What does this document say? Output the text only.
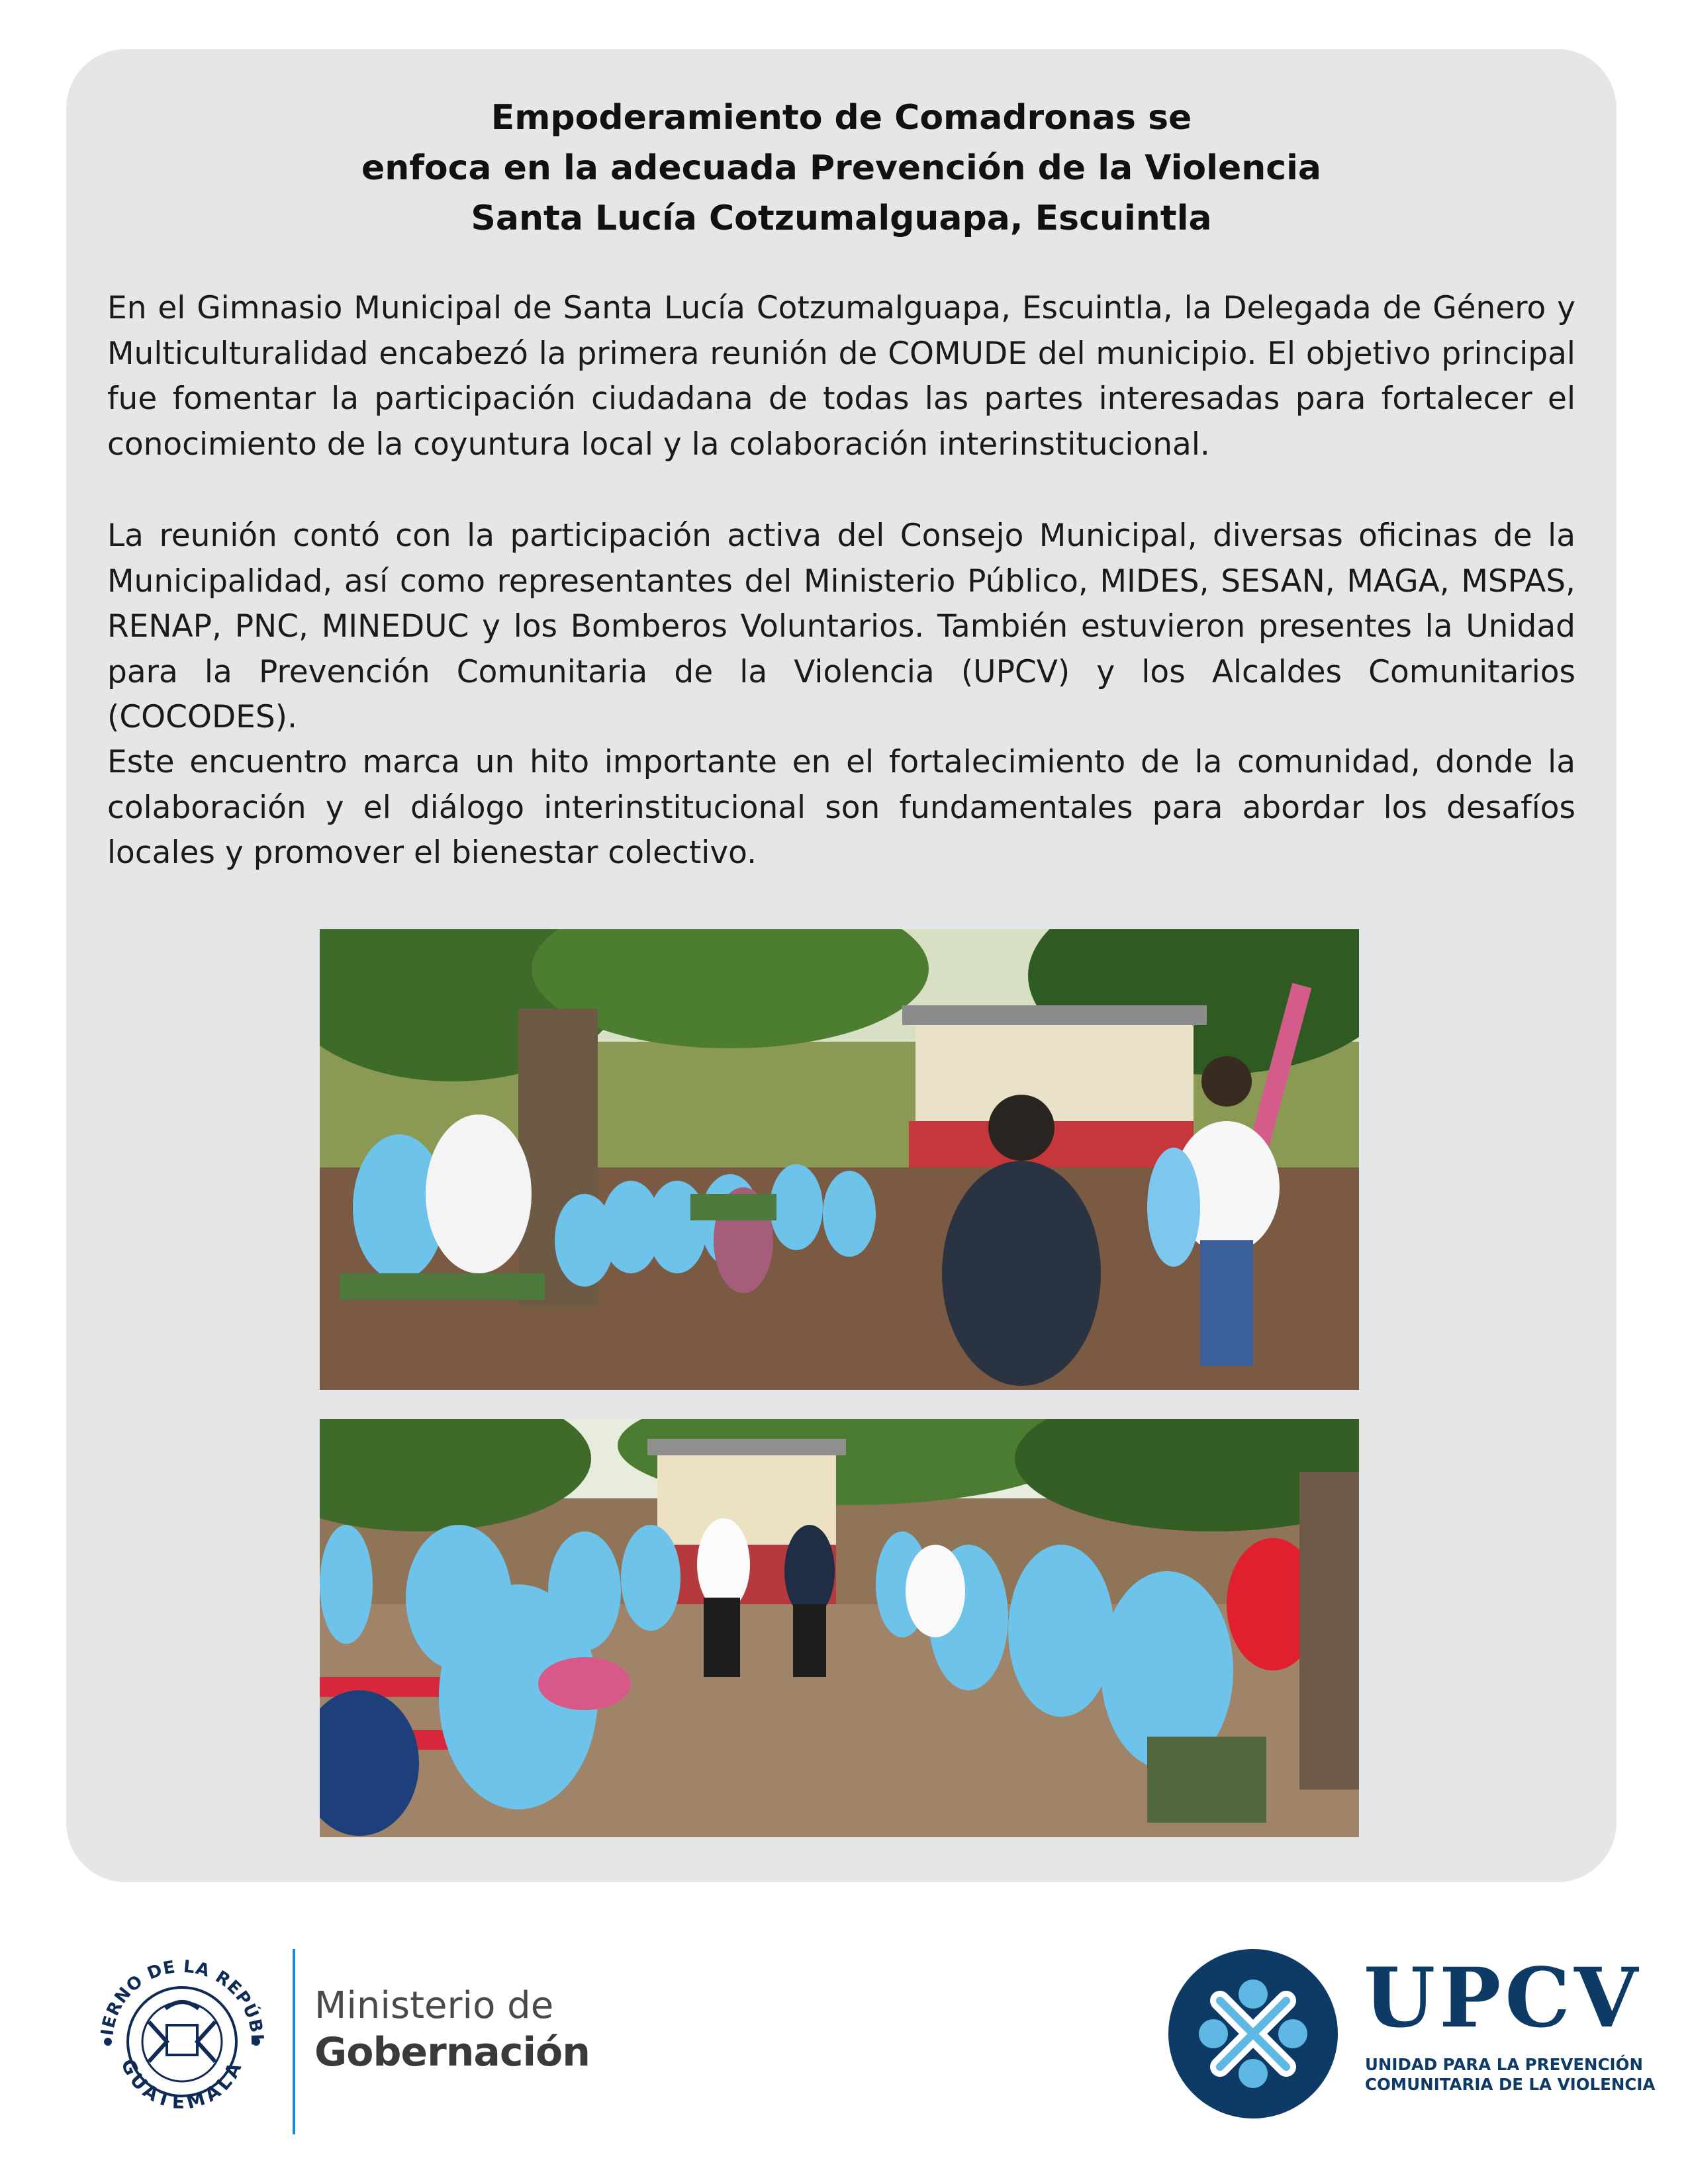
Empoderamiento de Comadronas se
enfoca en la adecuada Prevención de la Violencia
Santa Lucía Cotzumalguapa, Escuintla

En el Gimnasio Municipal de Santa Lucía Cotzumalguapa, Escuintla, la Delegada de Género y Multiculturalidad encabezó la primera reunión de COMUDE del municipio. El objetivo principal fue fomentar la participación ciudadana de todas las partes interesadas para fortalecer el conocimiento de la coyuntura local y la colaboración interinstitucional.

La reunión contó con la participación activa del Consejo Municipal, diversas oficinas de la Municipalidad, así como representantes del Ministerio Público, MIDES, SESAN, MAGA, MSPAS, RENAP, PNC, MINEDUC y los Bomberos Voluntarios. También estuvieron presentes la Unidad para la Prevención Comunitaria de la Violencia (UPCV) y los Alcaldes Comunitarios (COCODES).

Este encuentro marca un hito importante en el fortalecimiento de la comunidad, donde la colaboración y el diálogo interinstitucional son fundamentales para abordar los desafíos locales y promover el bienestar colectivo.

IERNO DE LA REPÚBL
GUATEMALA
Ministerio de
Gobernación
UPCV
UNIDAD PARA LA PREVENCIÓN
COMUNITARIA DE LA VIOLENCIA
